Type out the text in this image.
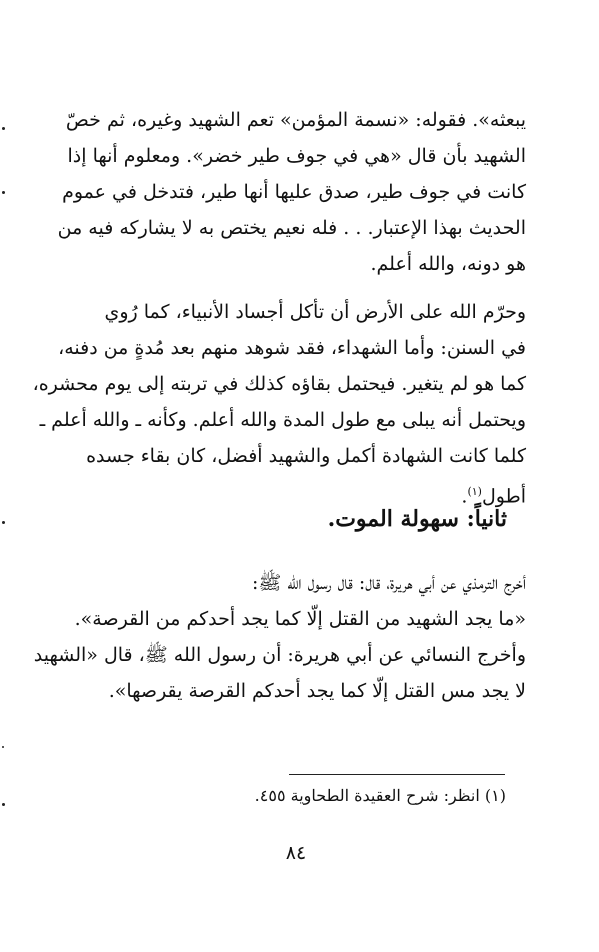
يبعثه». فقوله: «نسمة المؤمن» تعم الشهيد وغيره، ثم خصّ
الشهيد بأن قال «هي في جوف طير خضر». ومعلوم أنها إذا
كانت في جوف طير، صدق عليها أنها طير، فتدخل في عموم
الحديث بهذا الإعتبار. . . فله نعيم يختص به لا يشاركه فيه من
هو دونه، والله أعلم.
وحرّم الله على الأرض أن تأكل أجساد الأنبياء، كما رُوي
في السنن: وأما الشهداء، فقد شوهد منهم بعد مُدةٍ من دفنه،
كما هو لم يتغير. فيحتمل بقاؤه كذلك في تربته إلى يوم محشره،
ويحتمل أنه يبلى مع طول المدة والله أعلم. وكأنه ـ والله أعلم ـ
كلما كانت الشهادة أكمل والشهيد أفضل، كان بقاء جسده
أطول$^{(١)}$.
ثانياً: سهولة الموت.
أخرج الترمذي عن أبي هريرة، قال: قال رسول الله ﷺ:
«ما يجد الشهيد من القتل إلّا كما يجد أحدكم من القرصة».
وأخرج النسائي عن أبي هريرة: أن رسول الله ﷺ، قال «الشهيد
لا يجد مس القتل إلّا كما يجد أحدكم القرصة يقرصها».
(١) انظر: شرح العقيدة الطحاوية ٤٥٥.
٨٤
